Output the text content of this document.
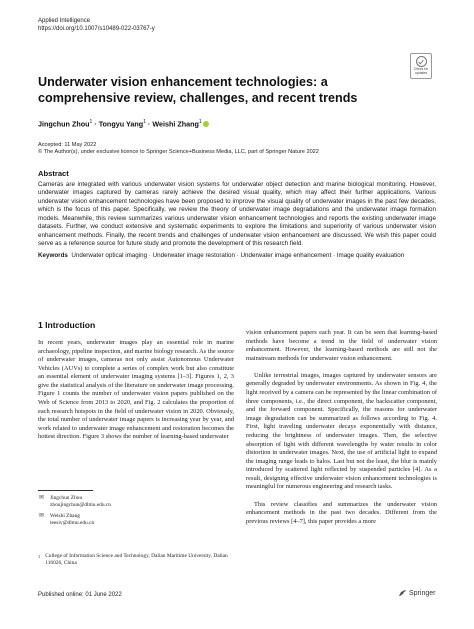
Applied Intelligence
https://doi.org/10.1007/s10489-022-03767-y
Check for updates
Underwater vision enhancement technologies: a comprehensive review, challenges, and recent trends
Jingchun Zhou$^1$ · Tongyu Yang$^1$ · Weishi Zhang$^1$
Accepted: 11 May 2022
© The Author(s), under exclusive licence to Springer Science+Business Media, LLC, part of Springer Nature 2022
Abstract
Cameras are integrated with various underwater vision systems for underwater object detection and marine biological monitoring. However, underwater images captured by cameras rarely achieve the desired visual quality, which may affect their further applications. Various underwater vision enhancement technologies have been proposed to improve the visual quality of underwater images in the past few decades, which is the focus of this paper. Specifically, we review the theory of underwater image degradations and the underwater image formation models. Meanwhile, this review summarizes various underwater vision enhancement technologies and reports the existing underwater image datasets. Further, we conduct extensive and systematic experiments to explore the limitations and superiority of various underwater vision enhancement methods. Finally, the recent trends and challenges of underwater vision enhancement are discussed. We wish this paper could serve as a reference source for future study and promote the development of this research field.
Keywords Underwater optical imaging · Underwater image restoration · Underwater image enhancement · Image quality evaluation
1 Introduction
In recent years, underwater images play an essential role in marine archaeology, pipeline inspection, and marine biology research. As the source of underwater images, cameras not only assist Autonomous Underwater Vehicles (AUVs) to complete a series of complex work but also constitute an essential element of underwater imaging systems [1–3]. Figures 1, 2, 3 give the statistical analysis of the literature on underwater image processing. Figure 1 counts the number of underwater vision papers published on the Web of Science from 2013 to 2020, and Fig. 2 calculates the proportion of each research hotspots in the field of underwater vision in 2020. Obviously, the total number of underwater image papers is increasing year by year, and work related to underwater image enhancement and restoration becomes the hottest direction. Figure 3 shows the number of learning-based underwater
vision enhancement papers each year. It can be seen that learning-based methods have become a trend in the field of underwater vision enhancement. However, the learning-based methods are still not the mainstream methods for underwater vision enhancement.
Unlike terrestrial images, images captured by underwater sensors are generally degraded by underwater environments. As shown in Fig. 4, the light received by a camera can be represented by the linear combination of three components, i.e., the direct component, the backscatter component, and the forward component. Specifically, the reasons for underwater image degradation can be summarized as follows according to Fig. 4. First, light traveling underwater decays exponentially with distance, reducing the brightness of underwater images. Then, the selective absorption of light with different wavelengths by water results in color distortion in underwater images. Next, the use of artificial light to expand the imaging range leads to halos. Last but not the least, the blur is mainly introduced by scattered light reflected by suspended particles [4]. As a result, designing effective underwater vision enhancement technologies is meaningful for numerous engineering and research tasks.
This review classifies and summarizes the underwater vision enhancement methods in the past two decades. Different from the previous reviews [4–7], this paper provides a more
✉ Jingchun Zhou
zhoujingchun@dlmu.edu.cn
✉ Weishi Zhang
teesiv@dlmu.edu.cn
1 College of Information Science and Technology, Dalian Maritime University, Dalian 116026, China
Published online: 01 June 2022	Springer
